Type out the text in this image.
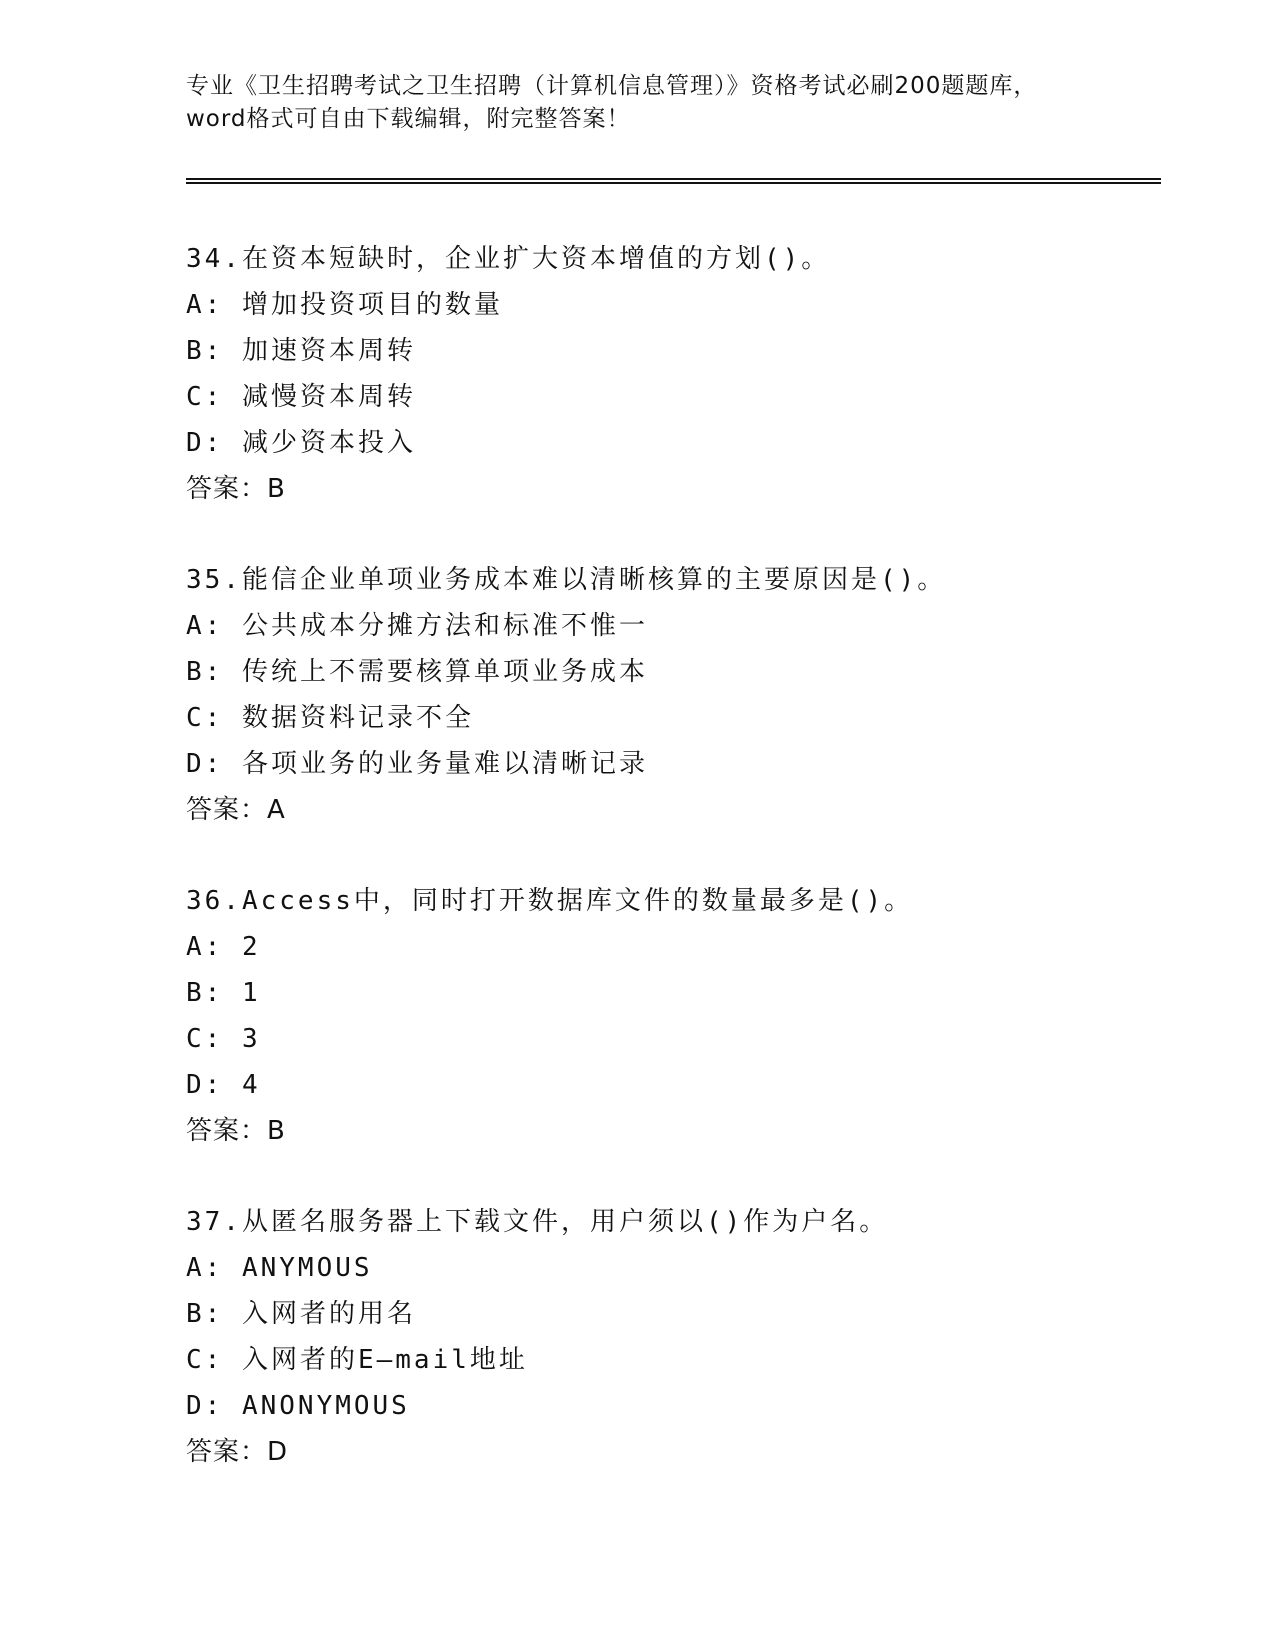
专业《卫生招聘考试之卫生招聘（计算机信息管理）》资格考试必刷200题题库，
word格式可自由下载编辑，附完整答案！
34.在资本短缺时，企业扩大资本增值的方划()。
A: 增加投资项目的数量
B: 加速资本周转
C: 减慢资本周转
D: 减少资本投入
答案：B
35.能信企业单项业务成本难以清晰核算的主要原因是()。
A: 公共成本分摊方法和标准不惟一
B: 传统上不需要核算单项业务成本
C: 数据资料记录不全
D: 各项业务的业务量难以清晰记录
答案：A
36.Access中，同时打开数据库文件的数量最多是()。
A: 2
B: 1
C: 3
D: 4
答案：B
37.从匿名服务器上下载文件，用户须以()作为户名。
A: ANYMOUS
B: 入网者的用名
C: 入网者的E—mail地址
D: ANONYMOUS
答案：D
